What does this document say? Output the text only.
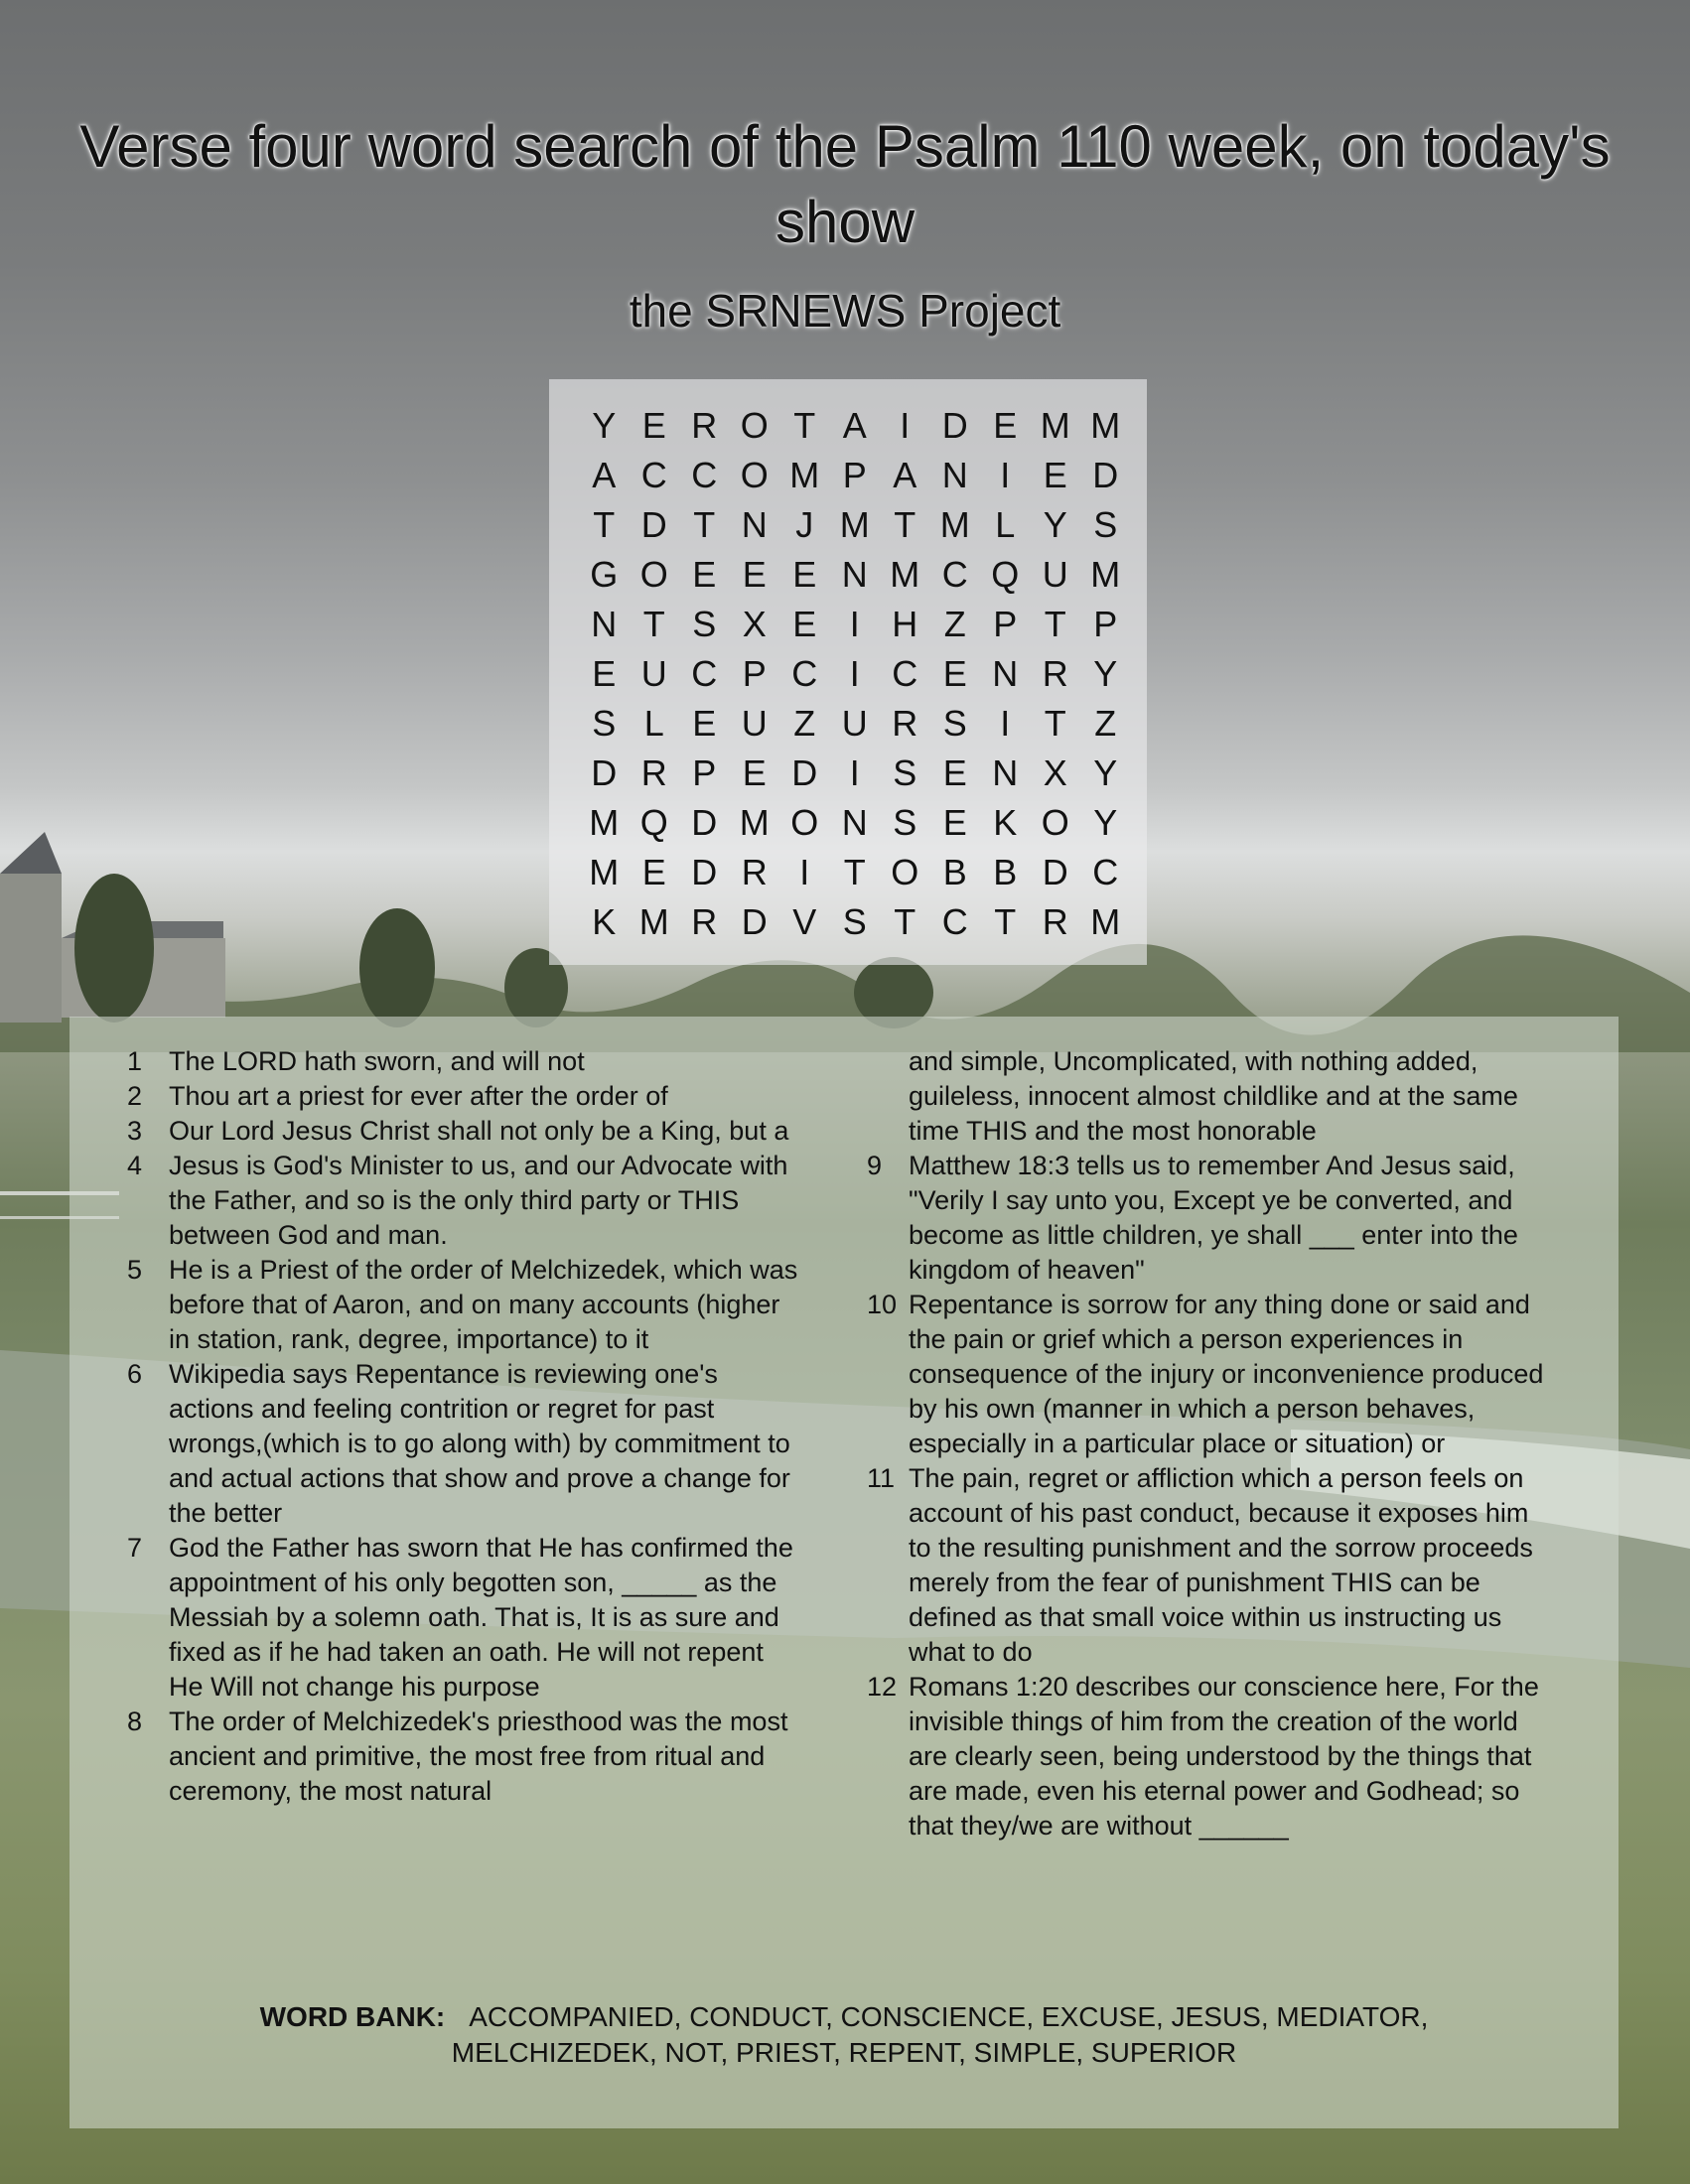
Verse four word search of the Psalm 110 week, on today's show
the SRNEWS Project
Y E R O T A I D E M M
A C C O M P A N I E D
T D T N J M T M L Y S
G O E E E N M C Q U M
N T S X E I H Z P T P
E U C P C I C E N R Y
S L E U Z U R S I T Z
D R P E D I S E N X Y
M Q D M O N S E K O Y
M E D R I T O B B D C
K M R D V S T C T R M
1 The LORD hath sworn, and will not
2 Thou art a priest for ever after the order of
3 Our Lord Jesus Christ shall not only be a King, but a
4 Jesus is God's Minister to us, and our Advocate with the Father, and so is the only third party or THIS between God and man.
5 He is a Priest of the order of Melchizedek, which was before that of Aaron, and on many accounts (higher in station, rank, degree, importance) to it
6 Wikipedia says Repentance is reviewing one's actions and feeling contrition or regret for past wrongs,(which is to go along with) by commitment to and actual actions that show and prove a change for the better
7 God the Father has sworn that He has confirmed the appointment of his only begotten son, _____ as the Messiah by a solemn oath. That is, It is as sure and fixed as if he had taken an oath. He will not repent He Will not change his purpose
8 The order of Melchizedek's priesthood was the most ancient and primitive, the most free from ritual and ceremony, the most natural
and simple, Uncomplicated, with nothing added, guileless, innocent almost childlike and at the same time THIS and the most honorable
9 Matthew 18:3 tells us to remember And Jesus said, "Verily I say unto you, Except ye be converted, and become as little children, ye shall ___ enter into the kingdom of heaven"
10 Repentance is sorrow for any thing done or said and the pain or grief which a person experiences in consequence of the injury or inconvenience produced by his own (manner in which a person behaves, especially in a particular place or situation) or
11 The pain, regret or affliction which a person feels on account of his past conduct, because it exposes him to the resulting punishment and the sorrow proceeds merely from the fear of punishment THIS can be defined as that small voice within us instructing us what to do
12 Romans 1:20 describes our conscience here, For the invisible things of him from the creation of the world are clearly seen, being understood by the things that are made, even his eternal power and Godhead; so that they/we are without ______
WORD BANK: ACCOMPANIED, CONDUCT, CONSCIENCE, EXCUSE, JESUS, MEDIATOR, MELCHIZEDEK, NOT, PRIEST, REPENT, SIMPLE, SUPERIOR
